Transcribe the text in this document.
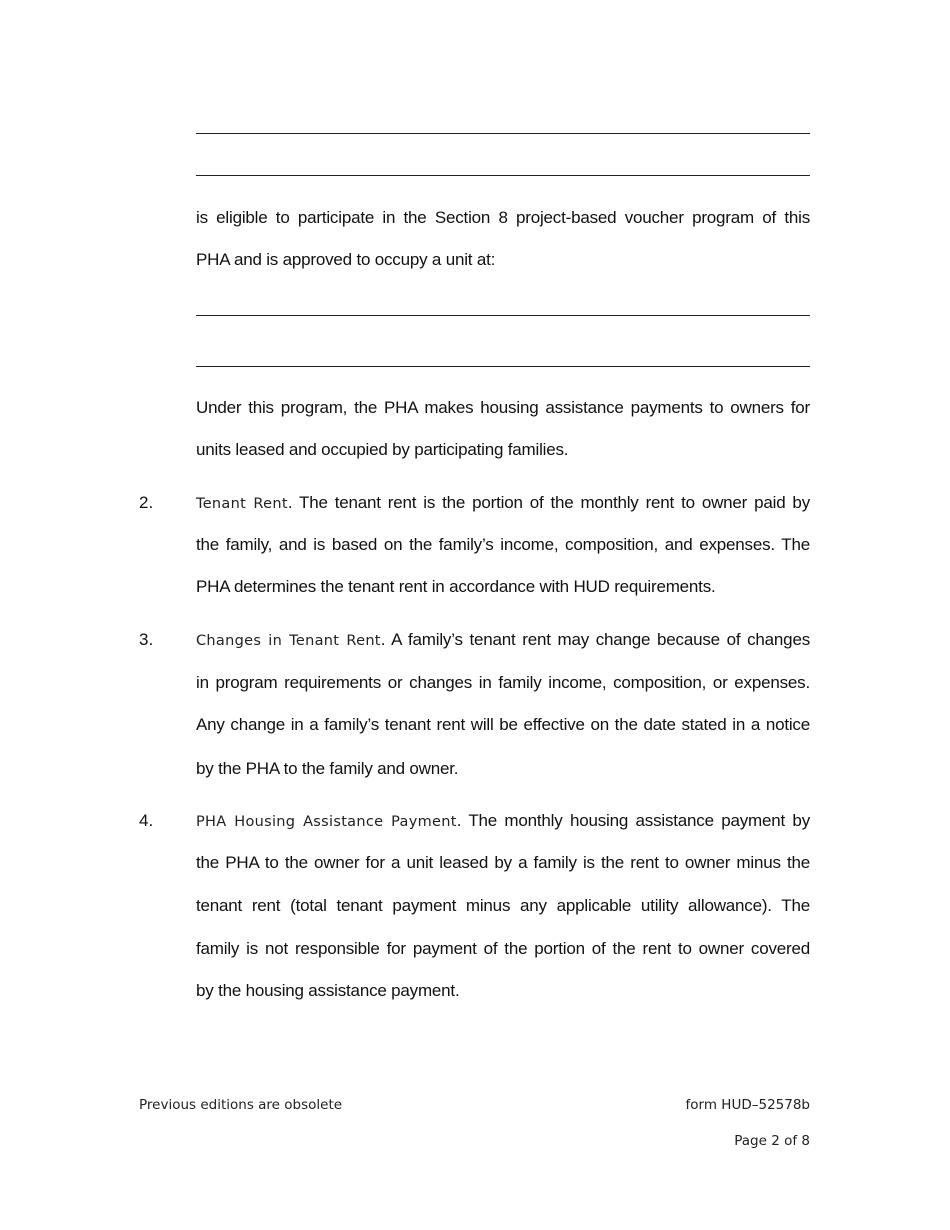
is eligible to participate in the Section 8 project-based voucher program of this
PHA and is approved to occupy a unit at:
Under this program, the PHA makes housing assistance payments to owners for
units leased and occupied by participating families.
2.	Tenant Rent. The tenant rent is the portion of the monthly rent to owner paid by
the family, and is based on the family’s income, composition, and expenses. The
PHA determines the tenant rent in accordance with HUD requirements.
3.	Changes in Tenant Rent. A family’s tenant rent may change because of changes
in program requirements or changes in family income, composition, or expenses.
Any change in a family’s tenant rent will be effective on the date stated in a notice
by the PHA to the family and owner.
4.	PHA Housing Assistance Payment. The monthly housing assistance payment by
the PHA to the owner for a unit leased by a family is the rent to owner minus the
tenant rent (total tenant payment minus any applicable utility allowance). The
family is not responsible for payment of the portion of the rent to owner covered
by the housing assistance payment.
Previous editions are obsolete	form HUD–52578b
Page 2 of 8
